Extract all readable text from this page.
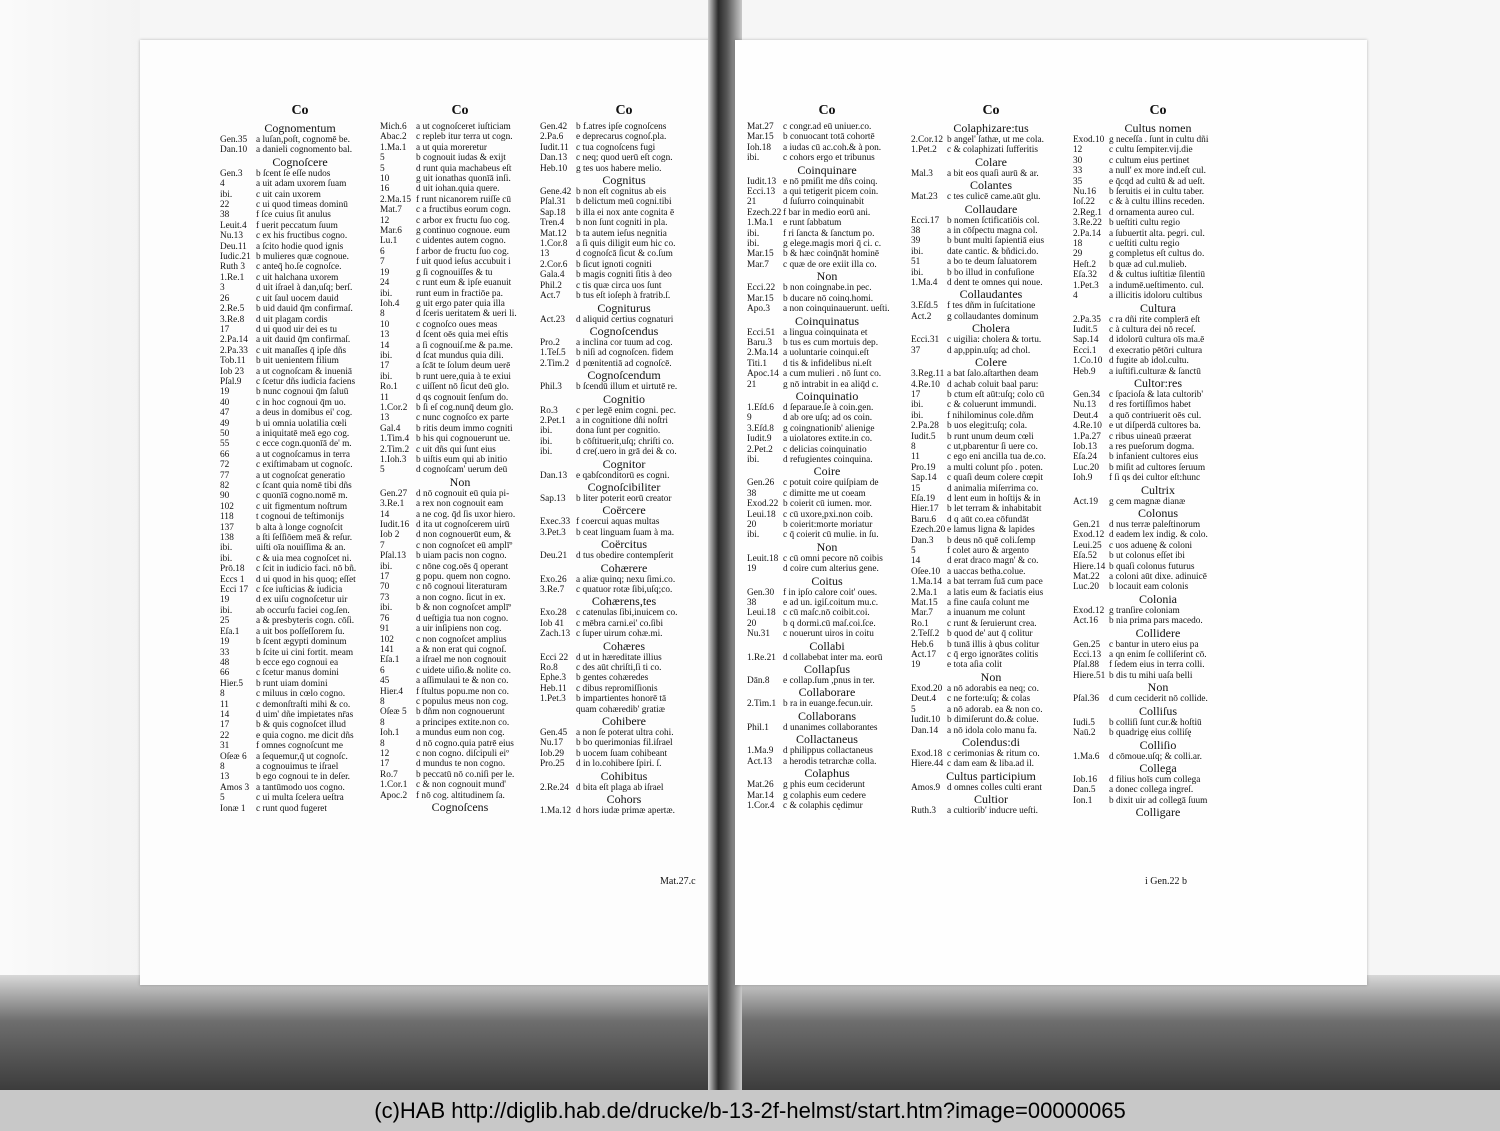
Co
Cognomentum
Gen.35 a luſan,poſt, cognomē be.
Dan.10 a danieli cognomento bal.
Cognoſcere
Gen.3	b ſcent ſe eſſe nudos
4	a uit adam uxorem ſuam
ibi.	c uit cain uxorem
22	c ui quod timeas dominū
38	f ſce cuius ſit anulus
Leuit.4	f uerit peccatum ſuum
Nu.13	c ex his fructibus cogno.
Deu.11 a ſcito hodie quod ignis
Iudic.21 b mulieres quæ cognoue.
Ruth 3	c anteq̄ ho.ſe cognoſce.
1.Re.1	c uit halchana uxorem
3	d uit iſrael à dan,uſq; berſ.
26	c uit ſaul uocem dauid
2.Re.5	b uid dauid q̄m confirmaſ.
3.Re.8	d uit plagam cordis
17	d ui quod uir dei es tu
2.Pa.14 a uit dauid q̄m confirmaſ.
2.Pa.33 c uit manaſſes q̄ ipſe dñs
Tob.11	b uit uenientem filium
Iob 23	a ut cognoſcam & inueniā
Pſal.9	c ſcetur dñs iudicia faciens
19	b nunc cognoui q̄m ſaluū
40	c in hoc cognoui q̄m uo.
47	a deus in domibus ei' cog.
49	b ui omnia uolatilia cœli
50	a iniquitatē meā ego cog.
55	c ecce cogn.quonīā de' m.
66	a ut cognoſcamus in terra
72	c exiſtimabam ut cognoſc.
77	a ut cognoſcat generatio
82	c ſcant quia nomē tibi dñs
90	c quonīā cogno.nomē m.
102	c uit figmentum noſtrum
118	t cognoui de teſtimonijs
137	b alta à longe cognoſcit
138	a ſti ſeſſiōem meā & reſur.
ibi.	uiſti oīa nouiſſima & an.
ibi.	c & uia mea cognoſcet ni.
Prō.18	c ſcit in iudicio faci. nō bñ.
Eccs 1	d ui quod in his quoq; eſſet
Ecci 17 c ſce iuſticias & iudicia
19	d ex uiſu cognoſcetur uir
ibi.	ab occurſu faciei cog.ſen.
25	a & presbyteris cogn. cōſi.
Eſa.1	a uit bos poſſeſſorem ſu.
19	b ſcent ægypti dominum
33	b ſcite ui cini fortit. meam
48	b ecce ego cognoui ea
66	c ſcetur manus domini
Hier.5	b runt uiam domini
8	c miluus in cœlo cogno.
11	c demonſtraſti mihi & co.
14	d uim' dñe impietates nr̄as
17	b & quis cognoſcet illud
22	e quia cogno. me dicit dñs
31	f omnes cognoſcunt me
Oſeæ 6	a ſequemur,q̄ ut cognoſc.
8	a cognouimus te iſrael
13	b ego cognoui te in deſer.
Amos 3 a tantūmodo uos cogno.
5	c ui multa ſcelera ueſtra
Ionæ 1	c runt quod fugeret
Co
Mich.6	a ut cognoſceret iuſticiam
Abac.2	c repleb itur terra ut cogn.
1.Ma.1	a ut quia moreretur
5	b cognouit iudas & exijt
5	d runt quia machabeus eſt
10	g uit ionathas quonīā inſi.
16	d uit iohan.quia quere.
2.Ma.15 f runt nicanorem ruiſſe cū
Mat.7	c a fructibus eorum cogn.
12	c arbor ex fructu ſuo cog.
Mar.6	g continuo cognoue. eum
Lu.1	c uidentes autem cogno.
6	f arbor de fructu ſuo cog.
7	f uit quod ieſus accubuit i
19	g ſi cognouiſſes & tu
24	c runt eum & ipſe euanuit
ibi.	runt eum in fractiōe pa.
Ioh.4	g uit ergo pater quia illa
8	d ſceris ueritatem & ueri li.
10	c cognoſco oues meas
13	d ſcent oēs quia mei eſtis
14	a ſi cognouiſ.me & pa.me.
ibi.	d ſcat mundus quia dili.
17	a ſcāt te ſolum deum uerē
ibi.	b runt uere,quia à te exiui
Ro.1	c uiſſent nō ſicut deū glo.
11	d qs cognouit ſenſum do.
1.Cor.2 b ſi eſ cog.nunq̄ deum glo.
13	c nunc cognoſco ex parte
Gal.4	b ritis deum immo cogniti
1.Tim.4 b his qui cognouerunt ue.
2.Tim.2 c uit dñs qui ſunt eius
1.Ioh.3	b uiſtis eum qui ab initio
5	d cognoſcam' uerum deū
Non
Gen.27 d nō cognouit eū quia pi-
3.Re.1	a rex non cognouit eam
14	a ne cog. q̄d ſis uxor hiero.
Iudit.16 d ita ut cognoſcerem uirū
Iob 2	d non cognouerūt eum, &
7	c non cognoſcet eū amplīº
Pſal.13	b uiam pacis non cogno.
ibi.	c nōne cog.oēs q̄ operant
17	g popu. quem non cogno.
70	c nō cognoui literaturam
73	a non cogno. ſicut in ex.
ibi.	b & non cognoſcet amplīº
76	d ueſtigia tua non cogno.
91	a uir inſipiens non cog.
102	c non cognoſcet amplius
141	a & non erat qui cognoſ.
Eſa.1	a iſrael me non cognouit
6	c uidete uiſio.& nolite co.
45	a aſſimulaui te & non co.
Hier.4	f ſtultus popu.me non co.
8	c populus meus non cog.
Oſeæ 5	b dñm non cognouerunt
8	a principes extite.non co.
Ioh.1	a mundus eum non cog.
8	d nō cogno.quia patrē eius
12	c non cogno. diſcipuli eiº
17	d mundus te non cogno.
Ro.7	b peccatū nō co.niſi per le.
1.Cor.1 c & non cognouit mund'
Apoc.2 f nō cog. altitudinem ſa.
Cognoſcens
Co
Gen.42 b f.atres ipſe cognoſcens
2.Pa.6	e deprecarus cognoſ.pla.
Iudit.11 c tua cognoſcens fugi
Dan.13 c neq; quod uerū eſt cogn.
Heb.10 g tes uos habere melio.
Cognitus
Gene.42 b non eſt cognitus ab eis
Pſal.31	b delictum meū cogni.tibi
Sap.18	b illa ei nox ante cognita ē
Tren.4	b non ſunt cogniti in pla.
Mat.12	b ta autem ieſus negnitia
1.Cor.8 a ſi quis diligit eum hic co.
13	d cognoſcā ſicut & co.ſum
2.Cor.6 b ſicut ignoti cogniti
Gala.4	b magis cogniti ſitis à deo
Phil.2	c tis quæ circa uos ſunt
Act.7	b tus eſt ioſeph à fratrib.ſ.
Cogniturus
Act.23	d aliquid certius cognaturi
Cognoſcendus
Pro.2	a inclina cor tuum ad cog.
1.Teſ.5	b niſi ad cognoſcen. fidem
2.Tim.2 d pœnitentiā ad cognoſcē.
Cognoſcendum
Phil.3	b ſcendū illum et uirtutē re.
Cognitio
Ro.3	c per legē enim cogni. pec.
2.Pet.1	a in cognitione dñi noſtri
ibi.	dona ſunt per cognitio.
ibi.	b cōſtituerit,uſq; chriſti co.
ibi.	d cre(.uero in grā dei & co.
Cognitor
Dan.13 e qabſconditorū es cogni.
Cognoſcibiliter
Sap.13	b liter poterit eorū creator
Coërcere
Exec.33 f coercui aquas multas
3.Pet.3	b ceat linguam ſuam à ma.
Coërcitus
Deu.21 d tus obedire contempſerit
Cohærere
Exo.26	a aliæ quinq; nexu ſimi.co.
3.Re.7	c quatuor rotæ ſibi,uſq;co.
Cohærens,tes
Exo.28	c catenulas ſibi,inuicem co.
Iob 41	c mēbra carni.ei' co.ſibi
Zach.13 c ſuper uirum cohæ.mi.
Cohæres
Ecci 22 d ut in hæreditate illius
Ro.8	c des aūt chriſti,ſi ti co.
Ephe.3	b gentes cohæredes
Heb.11 c dibus repromiſſionis
1.Pet.3	b impartientes honorē tā
quam cohæredib' gratiæ
Cohibere
Gen.45 a non ſe poterat ultra cohi.
Nu.17	b bo querimonias fil.iſrael
Iob.29	b uocem ſuam cohibeant
Pro.25	d in lo.cohibere ſpiri. ſ.
Cohibitus
2.Re.24 d bita eſt plaga ab iſrael
Cohors
1.Ma.12 d hors iudæ primæ apertæ.
Mat.27.c
Co
Mat.27	c congr.ad eū uniuer.co.
Mar.15	b conuocant totā cohortē
Ioh.18	a iudas cū ac.coh.& à pon.
ibi.	c cohors ergo et tribunus
Coinquinare
Iudit.13 e nō pmiſit me dñs coinq.
Ecci.13 a qui tetigerit picem coin.
21	d ſuſurro coinquinabit
Ezech.22 f bar in medio eorū ani.
1.Ma.1	e runt ſabbatum
ibi.	f ri ſancta & ſanctum po.
ibi.	g elege.magis mori q̄ ci. c.
Mar.15	b & hæc coinq̄nāt hominē
Mar.7	c quæ de ore exiit illa co.
Non
Ecci.22 b non coingnabe.in pec.
Mar.15	b ducare nō coinq.homi.
Apo.3	a non coinquinauerunt. ueſti.
Coinquinatus
Ecci.51 a lingua coinquinata et
Baru.3	b tus es cum mortuis dep.
2.Ma.14 a uoluntarie coinqui.eſt
Titi.1	d tis & infidelibus ni.eſt
Apoc.14 a cum mulieri . nō ſunt co.
21	g nō intrabit in ea aliq̄d c.
Coinquinatio
1.Eſd.6 d ſeparaue.ſe à coin.gen.
9	d ab ore uſq; ad os coin.
3.Eſd.8 g coingnationib' alienige
Iudit.9	a uiolatores extite.in co.
2.Pet.2	c delicias coinquinatio
ibi.	d refugientes coinquina.
Coire
Gen.26 c potuit coire quiſpiam de
38	c dimitte me ut coeam
Exod.22 b coierit cū iumen. mor.
Leui.18 c cū uxore,pxi.non coib.
20	b coierit:morte moriatur
ibi.	c q̄ coierit cū mulie. in ſu.
Non
Leuit.18 c cū omni pecore nō coibis
19	d coire cum alterius gene.
Coitus
Gen.30 f in ipſo calore coit' oues.
38	e ad un. igiſ.coitum mu.c.
Leui.18 c cū maſc.nō coibit.coi.
20	b q dormi.cū maſ.coi.ſce.
Nu.31	c nouerunt uiros in coitu
Collabi
1.Re.21 d collabebat inter ma. eorū
Collapſus
Dān.8	e collap.ſum ,pnus in ter.
Collaborare
2.Tim.1 b ra in euange.fecun.uir.
Collaborans
Phil.1	d unanimes collaborantes
Collactaneus
1.Ma.9	d philippus collactaneus
Act.13	a herodis tetrarchæ colla.
Colaphus
Mat.26	g phis eum ceciderunt
Mar.14	g colaphis eum cedere
1.Cor.4 c & colaphis cędimur
Co
Colaphizare:tus
2.Cor.12 b angel' ſathæ, ut me cola.
1.Pet.2	c & colaphizati ſufferitis
Colare
Mal.3	a bit eos quaſi aurū & ar.
Colantes
Mat.23	c tes culicē came.aūt glu.
Collaudare
Ecci.17 b nomen ſctificatiōis col.
38	a in cōſpectu magna col.
39	b bunt multi ſapientiā eius
ibi.	date cantic. & bñdici.do.
51	a bo te deum ſaluatorem
ibi.	b bo illud in confuſione
1.Ma.4	d dent te omnes qui noue.
Collaudantes
3.Eſd.5 f tes dñm in ſuſcitatione
Act.2	g collaudantes dominum
Cholera
Ecci.31 c uigilia: cholera & tortu.
37	d ap,ppin.uſq; ad chol.
Colere
3.Reg.11 a bat ſalo.aſtarthen deam
4.Re.10 d achab coluit baal paru:
17	b ctum eſt aūt:uſq; colo cū
ibi.	c & coluerunt immundi.
ibi.	f nihilominus cole.dñm
2.Pa.28 b uos elegit:uſq; cola.
Iudit.5	b runt unum deum cœli
8	c ut,pbarentur ſi uere co.
11	c ego eni ancilla tua de.co.
Pro.19	a multi colunt pſo . poten.
Sap.14	c quaſi deum colere cœpit
15	d animalia miſerrima co.
Eſa.19	d lent eum in hoſtijs & in
Hier.17 b let terram & inhabitabit
Baru.6	d q aūt co.ea cōfundāt
Ezech.20 e lamus ligna & lapides
Dan.3	b deus nō quē coli.ſemp
5	f colet auro & argento
14	d erat draco magn' & co.
Oſee.10 a uaccas betha.colue.
1.Ma.14 a bat terram ſuā cum pace
2.Ma.1	a latis eum & faciatis eius
Mat.15	a fine cauſa colunt me
Mar.7	a inuanum me colunt
Ro.1	c runt & ſeruierunt crea.
2.Teſſ.2 b quod de' aut q̄ colitur
Heb.6	b tunā illis à qbus colitur
Act.17	c q̄ ergo ignorātes colitis
19	e tota aſia colit
Non
Exod.20 a nō adorabis ea neq; co.
Deut.4	c ne forte:uſq; & colas
5	a nō adorab. ea & non co.
Iudit.10 b dimiſerunt do.& colue.
Dan.14 a nō idola colo manu fa.
Colendus:di
Exod.18 c cerimonias & ritum co.
Hiere.44 c dam eam & liba.ad il.
Cultus participium
Amos.9 d omnes colles culti erant
Cultior
Ruth.3	a cultiorib' inducre ueſti.
Co
Cultus nomen
Exod.10 g neceſſa . ſunt in cultu dñi
12	c cultu ſempiter.vij.die
30	c cultum eius pertinet
33	a null' ex more ind.eſt cul.
35	e q̄cqd ad cultū & ad ueſt.
Nu.16	b ſeruitis ei in cultu taber.
Ioſ.22	c & à cultu illins receden.
2.Reg.1 d ornamenta aureo cul.
3.Re.22 b ueſtiti cultu regio
2.Pa.14 a ſubuertit alta. pegri. cul.
18	c ueſtiti cultu regio
29	g completus eſt cultus do.
Heſt.2	b quæ ad cul.mulieb.
Eſa.32	d & cultus iuſtitiæ ſilentiū
1.Pet.3	a indumē.ueſtimento. cul.
4	a illicitis idoloru cultibus
Cultura
2.Pa.35 c ra dñi rite complerā eſt
Iudit.5	c à cultura dei nō receſ.
Sap.14	d idolorū cultura oīs ma.ē
Ecci.1	d execratio pētōri cultura
1.Co.10 d fugite ab idol.cultu.
Heb.9	a iuſtifi.culturæ & ſanctū
Cultor:res
Gen.34 c ſpacioſa & lata cultorib'
Nu.13	d res fortiſſimos habet
Deut.4	a quō contriuerit oēs cul.
4.Re.10 e ut diſperdā cultores ba.
1.Pa.27 c ribus uineaū præerat
Iob.13	a res pueſorum dogma.
Eſa.24	b infanient cultores eius
Luc.20	b miſit ad cultores ſeruum
Ioh.9	f ſi qs dei cultor eſt:hunc
Cultrix
Act.19	g cem magnæ dianæ
Colonus
Gen.21 d nus terræ paleſtinorum
Exod.12 d eadem lex indig. & colo.
Leui.25 c uos aduenę & coloni
Eſa.52	b ut colonus eſſet ibi
Hiere.14 b quaſi colonus futurus
Mat.22	a coloni aūt dixe. adinuicē
Luc.20	b locauit eam colonis
Colonia
Exod.12 g tranſire coloniam
Act.16	b nia prima pars macedo.
Collidere
Gen.25 c bantur in utero eius pa
Ecci.13 a qn enim ſe colliſerint cō.
Pſal.88	f ſedem eius in terra colli.
Hiere.51 b dis tu mihi uaſa belli
Non
Pſal.36	d cum ceciderit nō collide.
Colliſus
Iudi.5	b colliſi ſunt cur.& hoſtiū
Naū.2	b quadrigę eius colliſę
Colliſio
1.Ma.6	d cōmoue.uſq; & colli.ar.
Collega
Iob.16	d filius hoīs cum collega
Dan.5	a donec collega ingreſ.
Ion.1	b dixit uir ad collegā ſuum
Colligare
i Gen.22 b
(c)HAB http://diglib.hab.de/drucke/b-13-2f-helmst/start.htm?image=00000065
